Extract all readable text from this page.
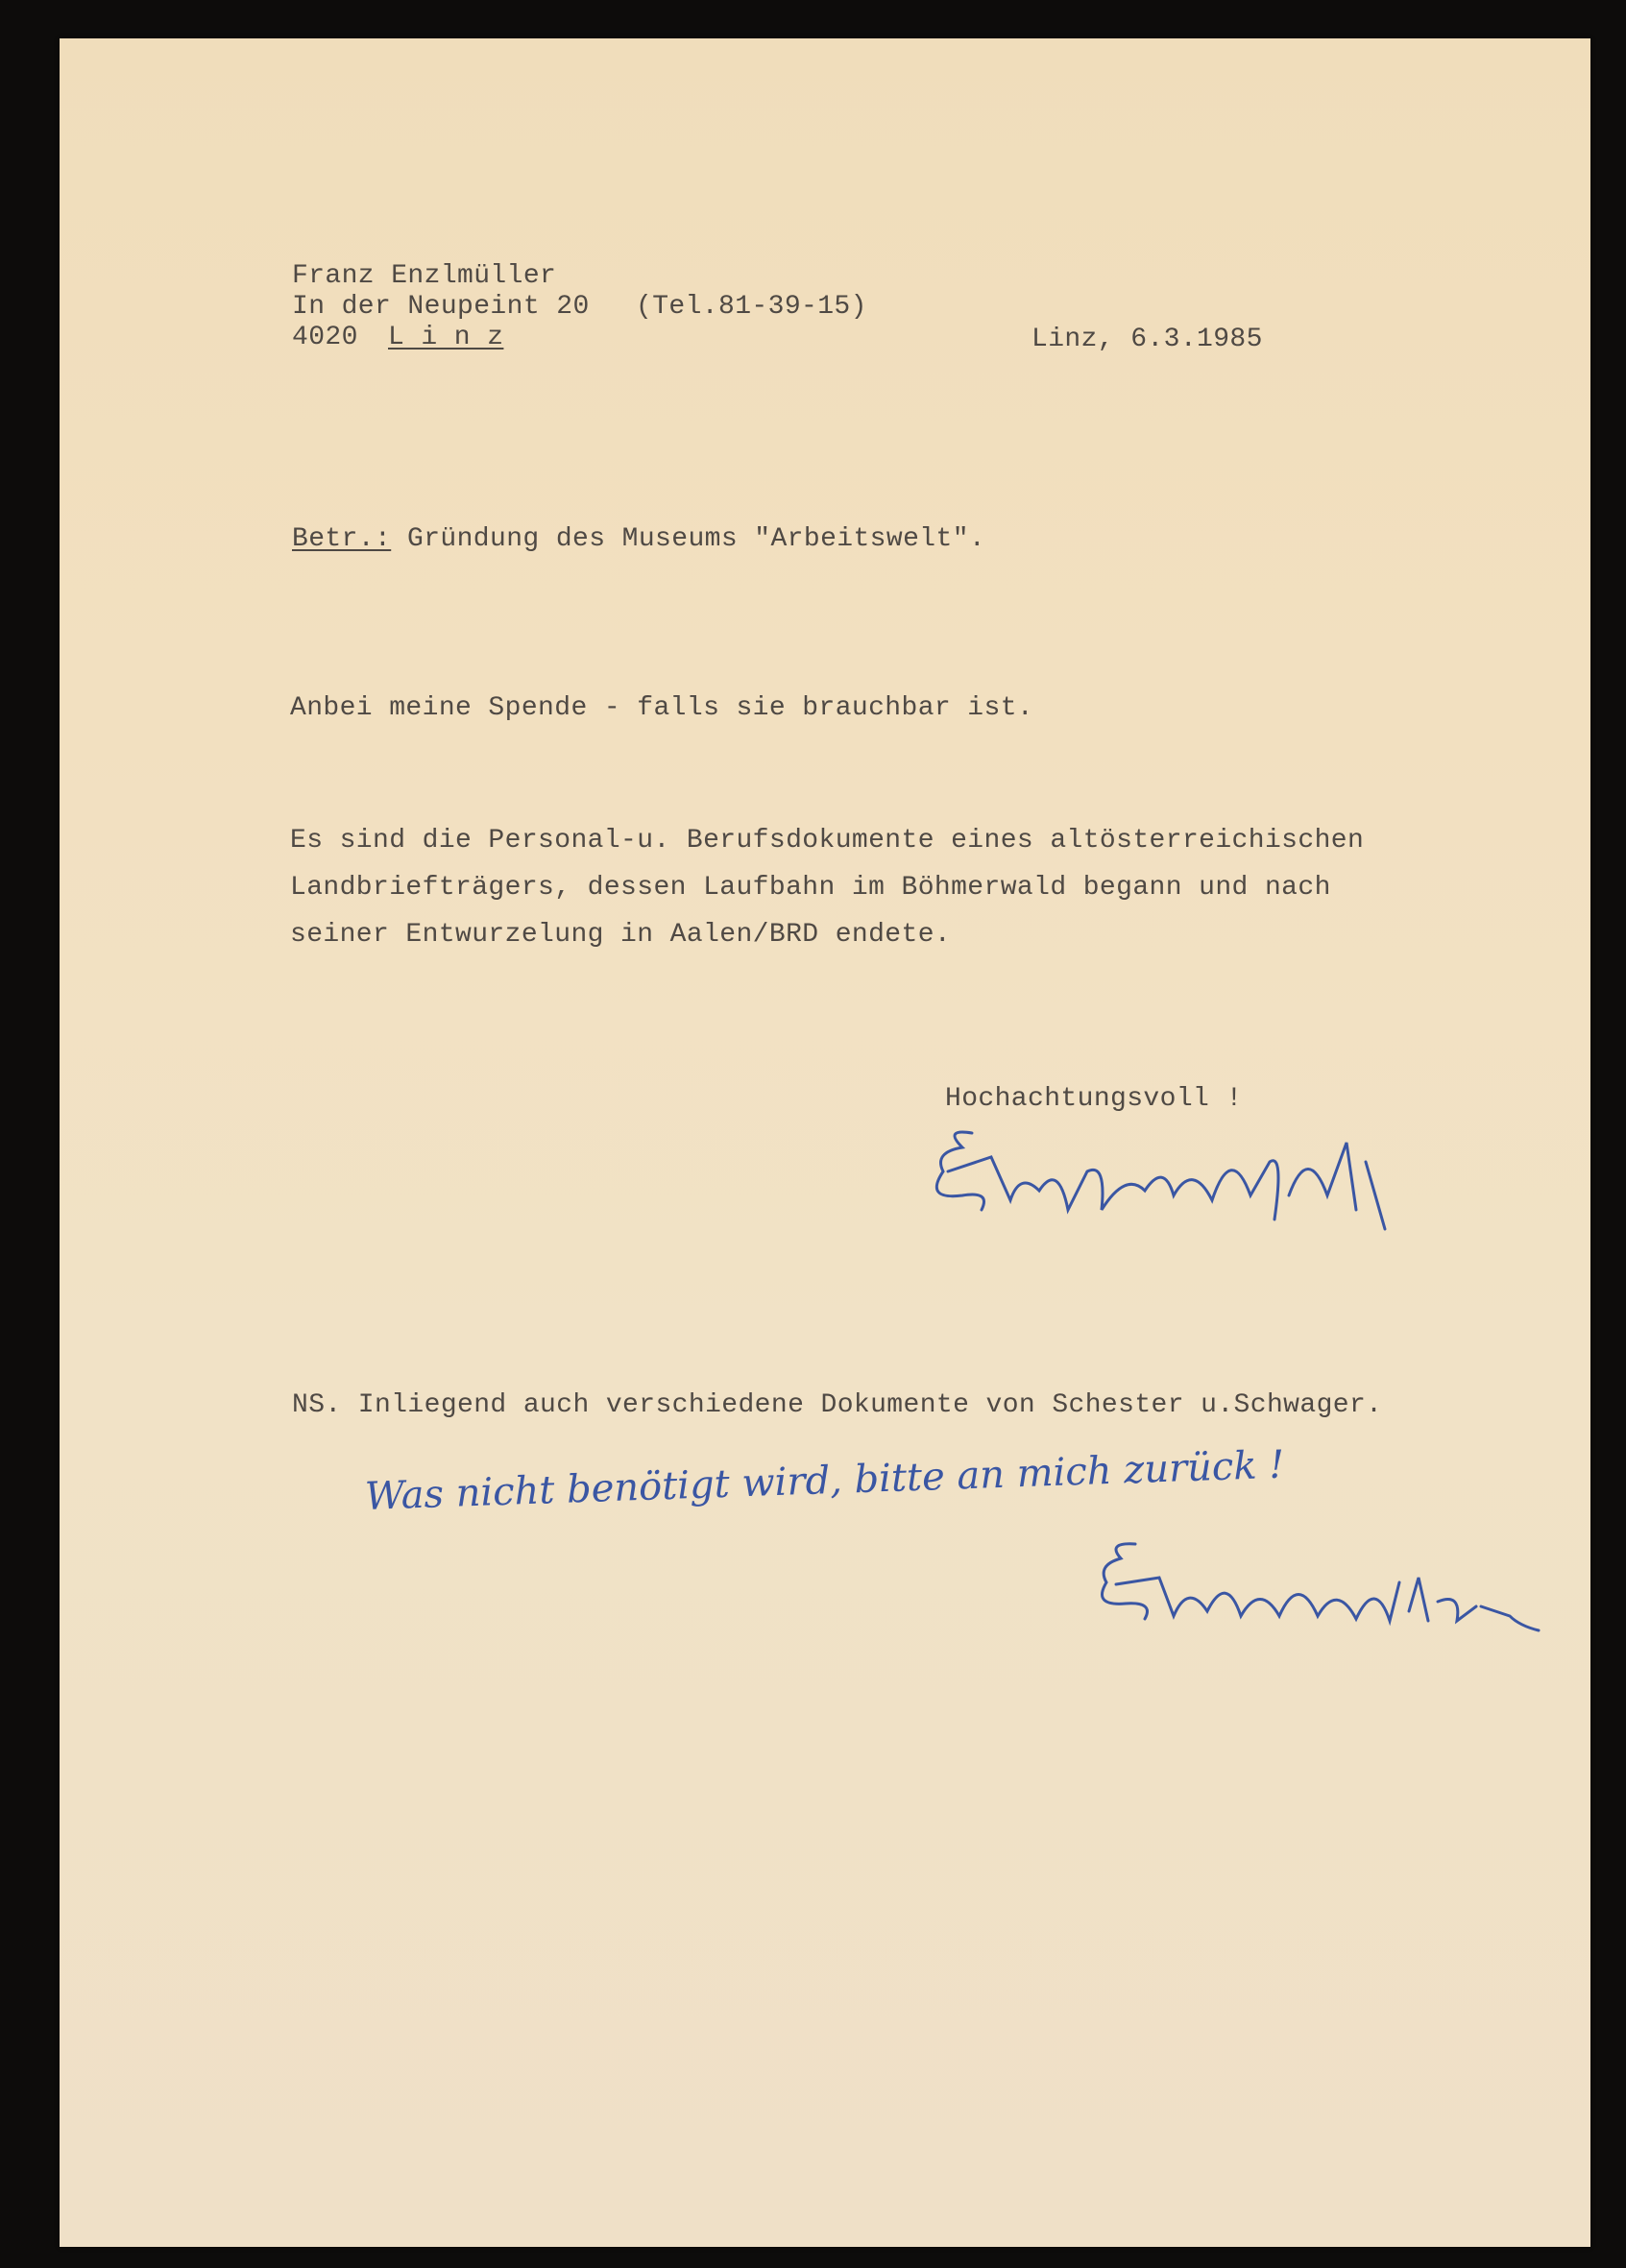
Franz Enzlmüller
In der Neupeint 20 (Tel.81-39-15)
4020 L i n z	Linz, 6.3.1985
Betr.: Gründung des Museums "Arbeitswelt".
Anbei meine Spende - falls sie brauchbar ist.
Es sind die Personal-u. Berufsdokumente eines altösterreichischen
Landbriefträgers, dessen Laufbahn im Böhmerwald begann und nach
seiner Entwurzelung in Aalen/BRD endete.
Hochachtungsvoll !
NS. Inliegend auch verschiedene Dokumente von Schester u.Schwager.
Was nicht benötigt wird, bitte an mich zurück !
